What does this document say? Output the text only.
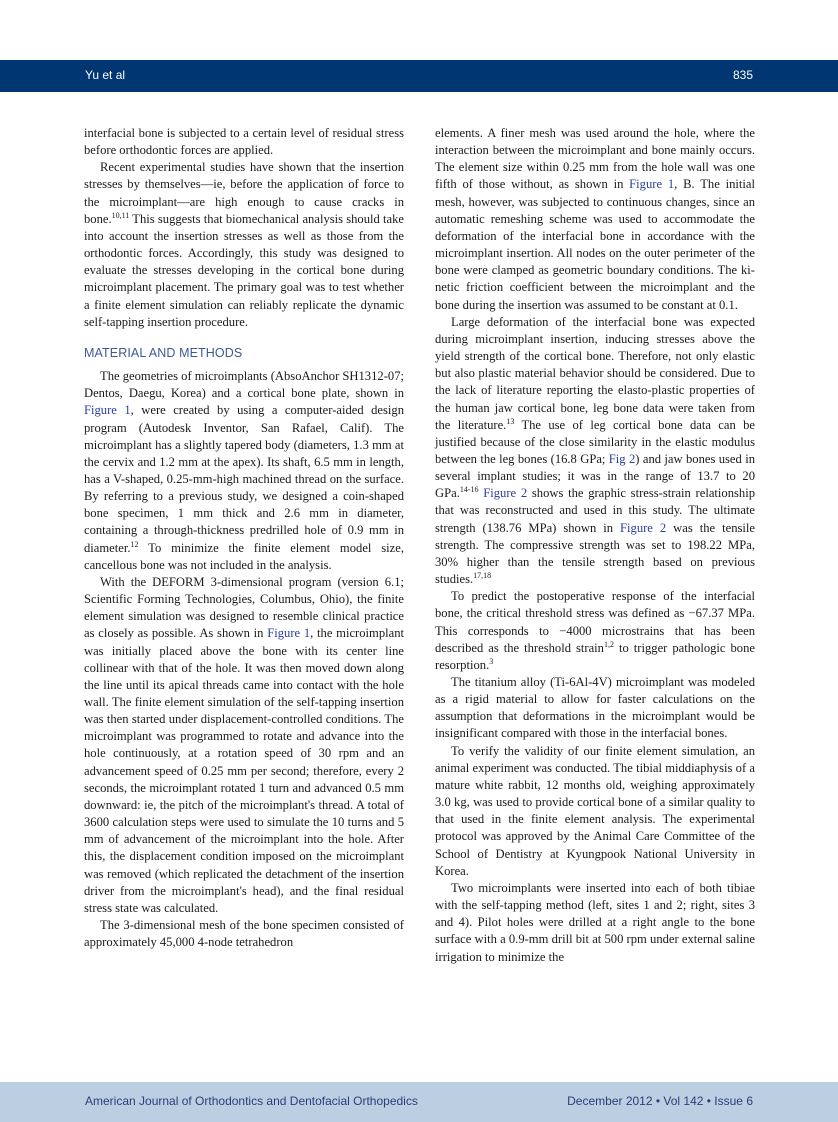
Yu et al	835

interfacial bone is subjected to a certain level of residual stress before orthodontic forces are applied.

Recent experimental studies have shown that the insertion stresses by themselves—ie, before the application of force to the microimplant—are high enough to cause cracks in bone.$^{10,11}$ This suggests that biomechanical analysis should take into account the insertion stresses as well as those from the orthodontic forces. Accordingly, this study was designed to evaluate the stresses developing in the cortical bone during microimplant placement. The primary goal was to test whether a finite element simulation can reliably replicate the dynamic self-tapping insertion procedure.

MATERIAL AND METHODS

The geometries of microimplants (AbsoAnchor SH1312-07; Dentos, Daegu, Korea) and a cortical bone plate, shown in Figure 1, were created by using a computer-aided design program (Autodesk Inventor, San Rafael, Calif). The microimplant has a slightly tapered body (diameters, 1.3 mm at the cervix and 1.2 mm at the apex). Its shaft, 6.5 mm in length, has a V-shaped, 0.25-mm-high machined thread on the surface. By referring to a previous study, we designed a coin-shaped bone specimen, 1 mm thick and 2.6 mm in diameter, containing a through-thickness predrilled hole of 0.9 mm in diameter.$^{12}$ To minimize the finite element model size, cancellous bone was not included in the analysis.

With the DEFORM 3-dimensional program (version 6.1; Scientific Forming Technologies, Columbus, Ohio), the finite element simulation was designed to resemble clinical practice as closely as possible. As shown in Figure 1, the microimplant was initially placed above the bone with its center line collinear with that of the hole. It was then moved down along the line until its apical threads came into contact with the hole wall. The finite element simulation of the self-tapping insertion was then started under displacement-controlled conditions. The microimplant was programmed to rotate and advance into the hole continuously, at a rotation speed of 30 rpm and an advancement speed of 0.25 mm per second; therefore, every 2 seconds, the microimplant rotated 1 turn and advanced 0.5 mm downward: ie, the pitch of the microimplant's thread. A total of 3600 calculation steps were used to simulate the 10 turns and 5 mm of advancement of the microimplant into the hole. After this, the displacement condition imposed on the microimplant was removed (which replicated the detachment of the insertion driver from the microimplant's head), and the final residual stress state was calculated.

The 3-dimensional mesh of the bone specimen consisted of approximately 45,000 4-node tetrahedron

elements. A finer mesh was used around the hole, where the interaction between the microimplant and bone mainly occurs. The element size within 0.25 mm from the hole wall was one fifth of those without, as shown in Figure 1, B. The initial mesh, however, was subjected to continuous changes, since an automatic remeshing scheme was used to accommodate the deformation of the interfacial bone in accordance with the microimplant insertion. All nodes on the outer perimeter of the bone were clamped as geometric boundary conditions. The kinetic friction coefficient between the microimplant and the bone during the insertion was assumed to be constant at 0.1.

Large deformation of the interfacial bone was expected during microimplant insertion, inducing stresses above the yield strength of the cortical bone. Therefore, not only elastic but also plastic material behavior should be considered. Due to the lack of literature reporting the elasto-plastic properties of the human jaw cortical bone, leg bone data were taken from the literature.$^{13}$ The use of leg cortical bone data can be justified because of the close similarity in the elastic modulus between the leg bones (16.8 GPa; Fig 2) and jaw bones used in several implant studies; it was in the range of 13.7 to 20 GPa.$^{14-16}$ Figure 2 shows the graphic stress-strain relationship that was reconstructed and used in this study. The ultimate strength (138.76 MPa) shown in Figure 2 was the tensile strength. The compressive strength was set to 198.22 MPa, 30% higher than the tensile strength based on previous studies.$^{17,18}$

To predict the postoperative response of the interfacial bone, the critical threshold stress was defined as −67.37 MPa. This corresponds to −4000 microstrains that has been described as the threshold strain$^{1,2}$ to trigger pathologic bone resorption.$^3$

The titanium alloy (Ti-6Al-4V) microimplant was modeled as a rigid material to allow for faster calculations on the assumption that deformations in the microimplant would be insignificant compared with those in the interfacial bones.

To verify the validity of our finite element simulation, an animal experiment was conducted. The tibial middiaphysis of a mature white rabbit, 12 months old, weighing approximately 3.0 kg, was used to provide cortical bone of a similar quality to that used in the finite element analysis. The experimental protocol was approved by the Animal Care Committee of the School of Dentistry at Kyungpook National University in Korea.

Two microimplants were inserted into each of both tibiae with the self-tapping method (left, sites 1 and 2; right, sites 3 and 4). Pilot holes were drilled at a right angle to the bone surface with a 0.9-mm drill bit at 500 rpm under external saline irrigation to minimize the

American Journal of Orthodontics and Dentofacial Orthopedics	December 2012 • Vol 142 • Issue 6
